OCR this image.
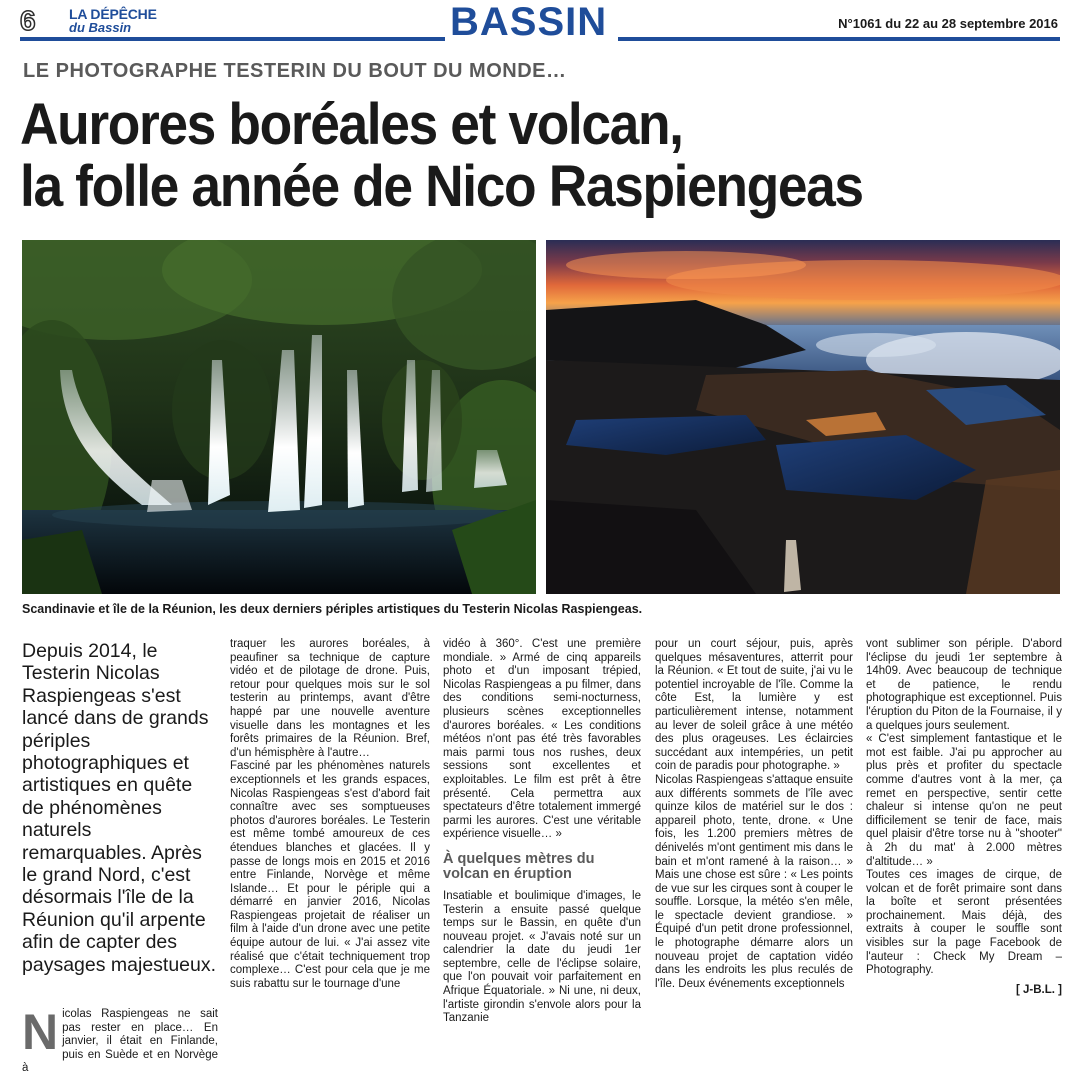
6 LA DÉPÊCHE
du Bassin	BASSIN	N°1061 du 22 au 28 septembre 2016
LE PHOTOGRAPHE TESTERIN DU BOUT DU MONDE…
Aurores boréales et volcan,
la folle année de Nico Raspiengeas
Scandinavie et île de la Réunion, les deux derniers périples artistiques du Testerin Nicolas Raspiengeas.

Depuis 2014, le Testerin Nicolas Raspiengeas s'est lancé dans de grands périples photographiques et artistiques en quête de phénomènes naturels remarquables. Après le grand Nord, c'est désormais l'île de la Réunion qu'il arpente afin de capter des paysages majestueux.

Nicolas Raspiengeas ne sait pas rester en place… En janvier, il était en Finlande, puis en Suède et en Norvège à

traquer les aurores boréales, à peaufiner sa technique de capture vidéo et de pilotage de drone. Puis, retour pour quelques mois sur le sol testerin au printemps, avant d'être happé par une nouvelle aventure visuelle dans les montagnes et les forêts primaires de la Réunion. Bref, d'un hémisphère à l'autre…

Fasciné par les phénomènes naturels exceptionnels et les grands espaces, Nicolas Raspiengeas s'est d'abord fait connaître avec ses somptueuses photos d'aurores boréales. Le Testerin est même tombé amoureux de ces étendues blanches et glacées. Il y passe de longs mois en 2015 et 2016 entre Finlande, Norvège et même Islande… Et pour le périple qui a démarré en janvier 2016, Nicolas Raspiengeas projetait de réaliser un film à l'aide d'un drone avec une petite équipe autour de lui. « J'ai assez vite réalisé que c'était techniquement trop complexe… C'est pour cela que je me suis rabattu sur le tournage d'une

vidéo à 360°. C'est une première mondiale. » Armé de cinq appareils photo et d'un imposant trépied, Nicolas Raspiengeas a pu filmer, dans des conditions semi-nocturness, plusieurs scènes exceptionnelles d'aurores boréales. « Les conditions météos n'ont pas été très favorables mais parmi tous nos rushes, deux sessions sont excellentes et exploitables. Le film est prêt à être présenté. Cela permettra aux spectateurs d'être totalement immergé parmi les aurores. C'est une véritable expérience visuelle… »

À quelques mètres du volcan en éruption

Insatiable et boulimique d'images, le Testerin a ensuite passé quelque temps sur le Bassin, en quête d'un nouveau projet. « J'avais noté sur un calendrier la date du jeudi 1er septembre, celle de l'éclipse solaire, que l'on pouvait voir parfaitement en Afrique Équatoriale. » Ni une, ni deux, l'artiste girondin s'envole alors pour la Tanzanie

pour un court séjour, puis, après quelques mésaventures, atterrit pour la Réunion. « Et tout de suite, j'ai vu le potentiel incroyable de l'île. Comme la côte Est, la lumière y est particulièrement intense, notamment au lever de soleil grâce à une météo des plus orageuses. Les éclaircies succédant aux intempéries, un petit coin de paradis pour photographe. »

Nicolas Raspiengeas s'attaque ensuite aux différents sommets de l'île avec quinze kilos de matériel sur le dos : appareil photo, tente, drone. « Une fois, les 1.200 premiers mètres de dénivelés m'ont gentiment mis dans le bain et m'ont ramené à la raison… » Mais une chose est sûre : « Les points de vue sur les cirques sont à couper le souffle. Lorsque, la météo s'en mêle, le spectacle devient grandiose. » Équipé d'un petit drone professionnel, le photographe démarre alors un nouveau projet de captation vidéo dans les endroits les plus reculés de l'île. Deux événements exceptionnels

vont sublimer son périple. D'abord l'éclipse du jeudi 1er septembre à 14h09. Avec beaucoup de technique et de patience, le rendu photographique est exceptionnel. Puis l'éruption du Piton de la Fournaise, il y a quelques jours seulement.

« C'est simplement fantastique et le mot est faible. J'ai pu approcher au plus près et profiter du spectacle comme d'autres vont à la mer, ça remet en perspective, sentir cette chaleur si intense qu'on ne peut difficilement se tenir de face, mais quel plaisir d'être torse nu à "shooter" à 2h du mat' à 2.000 mètres d'altitude… »

Toutes ces images de cirque, de volcan et de forêt primaire sont dans la boîte et seront présentées prochainement. Mais déjà, des extraits à couper le souffle sont visibles sur la page Facebook de l'auteur : Check My Dream – Photography.

[ J-B.L. ]
